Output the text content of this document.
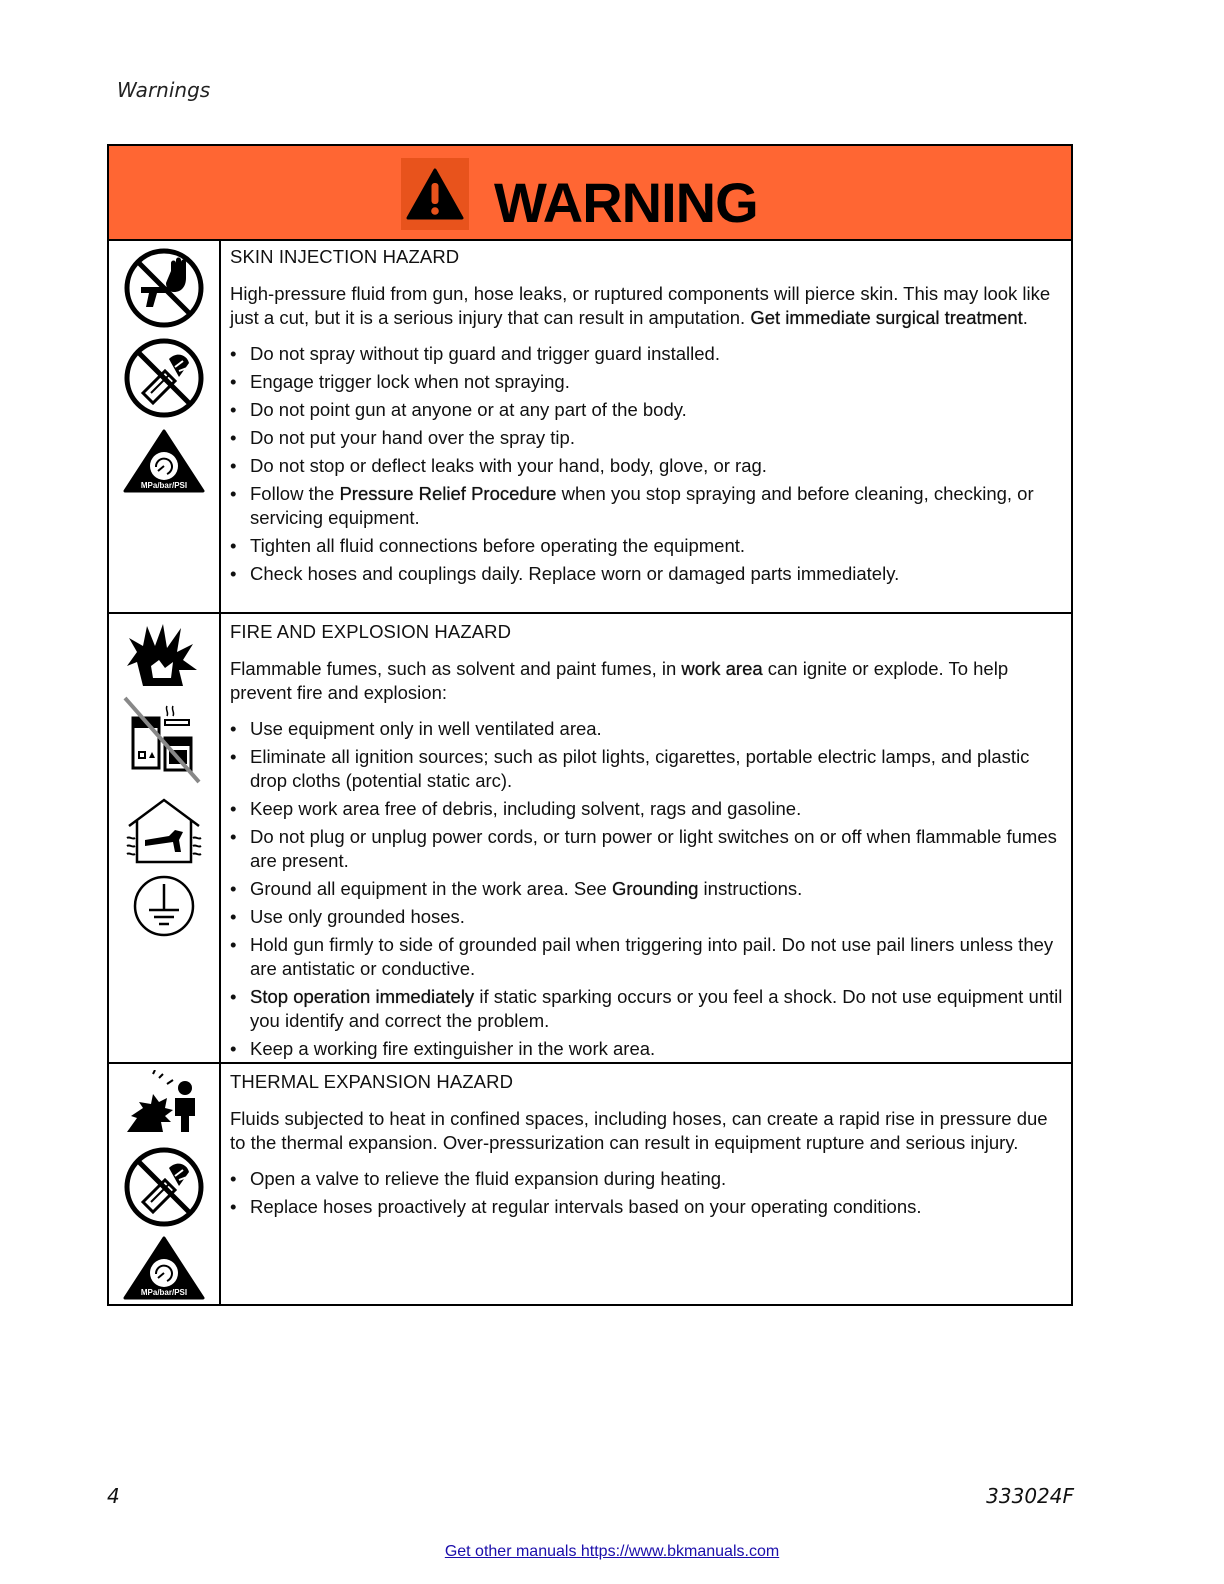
Warnings
WARNING
MPa/bar/PSI

SKIN INJECTION HAZARD

High-pressure fluid from gun, hose leaks, or ruptured components will pierce skin. This may look like just a cut, but it is a serious injury that can result in amputation. Get immediate surgical treatment.

• Do not spray without tip guard and trigger guard installed.
• Engage trigger lock when not spraying.
• Do not point gun at anyone or at any part of the body.
• Do not put your hand over the spray tip.
• Do not stop or deflect leaks with your hand, body, glove, or rag.
• Follow the Pressure Relief Procedure when you stop spraying and before cleaning, checking, or servicing equipment.
• Tighten all fluid connections before operating the equipment.
• Check hoses and couplings daily. Replace worn or damaged parts immediately.

FIRE AND EXPLOSION HAZARD

Flammable fumes, such as solvent and paint fumes, in work area can ignite or explode. To help prevent fire and explosion:

• Use equipment only in well ventilated area.
• Eliminate all ignition sources; such as pilot lights, cigarettes, portable electric lamps, and plastic drop cloths (potential static arc).
• Keep work area free of debris, including solvent, rags and gasoline.
• Do not plug or unplug power cords, or turn power or light switches on or off when flammable fumes are present.
• Ground all equipment in the work area. See Grounding instructions.
• Use only grounded hoses.
• Hold gun firmly to side of grounded pail when triggering into pail. Do not use pail liners unless they are antistatic or conductive.
• Stop operation immediately if static sparking occurs or you feel a shock. Do not use equipment until you identify and correct the problem.
• Keep a working fire extinguisher in the work area.
MPa/bar/PSI

THERMAL EXPANSION HAZARD

Fluids subjected to heat in confined spaces, including hoses, can create a rapid rise in pressure due to the thermal expansion. Over-pressurization can result in equipment rupture and serious injury.

• Open a valve to relieve the fluid expansion during heating.
• Replace hoses proactively at regular intervals based on your operating conditions.
4	333024F
Get other manuals https://www.bkmanuals.com
